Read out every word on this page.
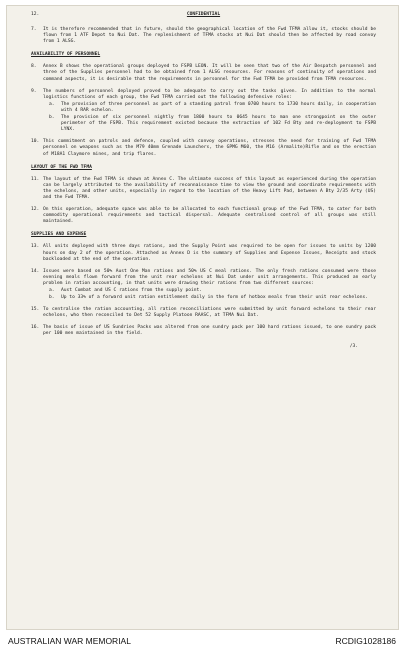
12.	CONFIDENTIAL
7. It is therefore recommended that in future, should the geographical location of the Fwd TFMA allow it, stocks should be flown from 1 ATF Depot to Nui Dat. The replenishment of TFMA stocks at Nui Dat should then be affected by road convoy from 1 ALSG.
AVAILABILITY OF PERSONNEL
8. Annex B shows the operational groups deployed to FSPB LEON. It will be seen that two of the Air Despatch personnel and three of the Supplies personnel had to be obtained from 1 ALSG resources. For reasons of continuity of operations and command aspects, it is desirable that the requirements in personnel for the Fwd TFMA be provided from TFMA resources.
9. The numbers of personnel deployed proved to be adequate to carry out the tasks given. In addition to the normal logistics functions of each group, the Fwd TFMA carried out the following defensive roles:
a. The provision of three personnel as part of a standing patrol from 0700 hours to 1730 hours daily, in cooperation with 4 RAR echelon.
b. The provision of six personnel nightly from 1800 hours to 0645 hours to man one strongpoint on the outer perimeter of the FSPB. This requirement existed because the extraction of 102 Fd Bty and re-deployment to FSPB LYNX.
10. This commitment on patrols and defence, coupled with convoy operations, stresses the need for training of Fwd TFMA personnel on weapons such as the M79 40mm Grenade Launchers, the GPMG M60, the M16 (Armalite)Rifle and on the erection of M18A1 Claymore mines, and trip flares.
LAYOUT OF THE FWD TFMA
11. The layout of the Fwd TFMA is shown at Annex C. The ultimate success of this layout as experienced during the operation can be largely attributed to the availability of reconnaissance time to view the ground and coordinate requirements with the echelons, and other units, especially in regard to the location of the Heavy Lift Pad, between A Bty 2/35 Arty (US) and the Fwd TFMA.
12. On this operation, adequate space was able to be allocated to each functional group of the Fwd TFMA, to cater for both commodity operational requirements and tactical dispersal. Adequate centralised control of all groups was still maintained.
SUPPLIES AND EXPENSE
13. All units deployed with three days rations, and the Supply Point was required to be open for issues to units by 1200 hours on day 2 of the operation. Attached as Annex D is the summary of Supplies and Expense Issues, Receipts and stock backloaded at the end of the operation.
14. Issues were based on 50% Aust One Man rations and 50% US C meal rations. The only fresh rations consumed were those evening meals flown forward from the unit rear echelons at Nui Dat under unit arrangements. This produced an early problem in ration accounting, in that units were drawing their rations from two different sources:
a. Aust Combat and US C rations from the supply point.
b. Up to 33% of a forward unit ration entitlement daily in the form of hotbox meals from their unit rear echelons.
15. To centralise the ration accounting, all ration reconciliations were submitted by unit forward echelons to their rear echelons, who then reconciled to Det 52 Supply Platoon RAASC, at TFMA Nui Dat.
16. The basis of issue of US Sundries Packs was altered from one sundry pack per 100 hard rations issued, to one sundry pack per 100 men maintained in the field.
/3.
AUSTRALIAN WAR MEMORIAL	RCDIG1028186
